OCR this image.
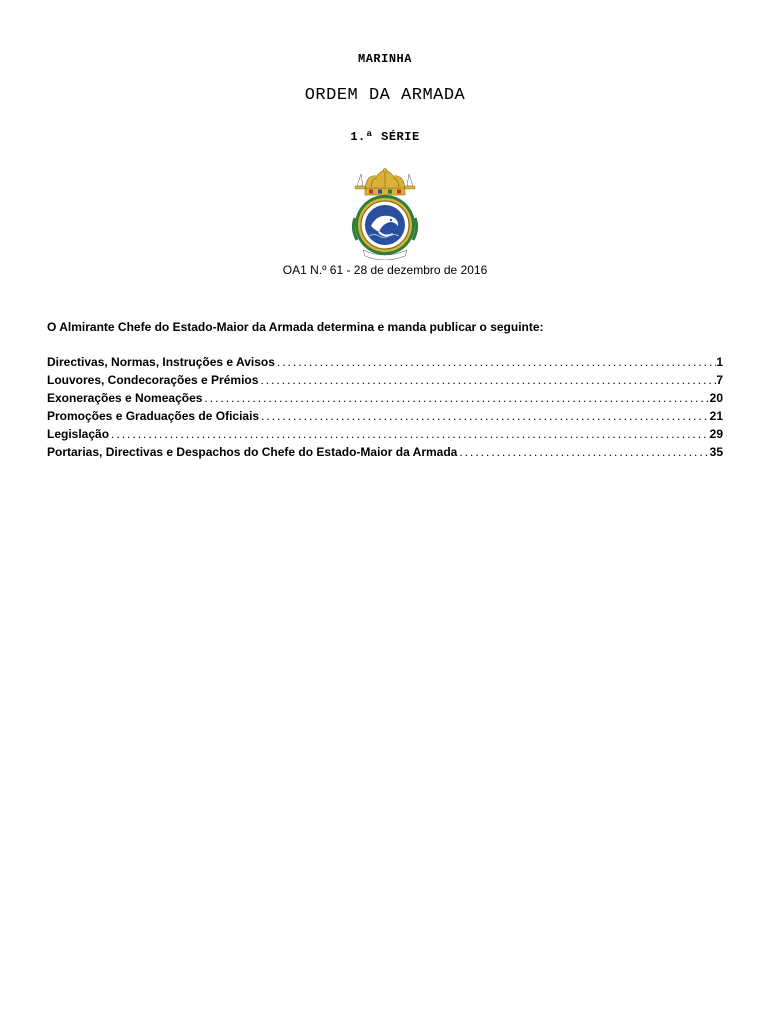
MARINHA
ORDEM DA ARMADA
1.ª SÉRIE
OA1 N.º 61 - 28 de dezembro de 2016
O Almirante Chefe do Estado-Maior da Armada determina e manda publicar o seguinte:
Directivas, Normas, Instruções e Avisos .....	1
Louvores, Condecorações e Prémios .....	7
Exonerações e Nomeações .....	20
Promoções e Graduações de Oficiais .....	21
Legislação .....	29
Portarias, Directivas e Despachos do Chefe do Estado-Maior da Armada .....	35
